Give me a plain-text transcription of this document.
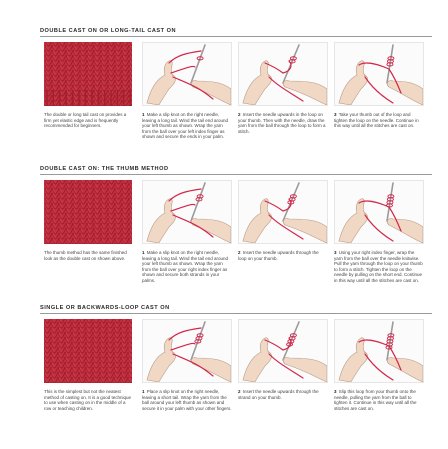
DOUBLE CAST ON OR LONG-TAIL CAST ON
The double or long tail cast on provides a firm yet elastic edge and is frequently recommended for beginners.
1 Make a slip knot on the right needle, leaving a long tail. Wind the tail end around your left thumb as shown. Wrap the yarn from the ball over your left index finger as shown and secure the ends in your palm.
2 Insert the needle upwards in the loop on your thumb. Then with the needle, draw the yarn from the ball through the loop to form a stitch.
3 Take your thumb out of the loop and tighten the loop on the needle. Continue in this way until all the stitches are cast on.
DOUBLE CAST ON: THE THUMB METHOD
The thumb method has the same finished look as the double cast on shown above.
1 Make a slip knot on the right needle, leaving a long tail. Wind the tail end around your left thumb as shown. Wrap the yarn from the ball over your right index finger as shown and secure both strands in your palms.
2 Insert the needle upwards through the loop on your thumb.
3 Using your right index finger, wrap the yarn from the ball over the needle knitwise. Pull the yarn through the loop on your thumb to form a stitch. Tighten the loop on the needle by pulling on the short end. Continue in this way until all the stitches are cast on.
SINGLE OR BACKWARDS-LOOP CAST ON
This is the simplest but not the neatest method of casting on. It is a good technique to use when casting on in the middle of a row or teaching children.
1 Place a slip knot on the right needle, leaving a short tail. Wrap the yarn from the ball around your left thumb as shown and secure it in your palm with your other fingers.
2 Insert the needle upwards through the strand on your thumb.
3 Slip this loop from your thumb onto the needle, pulling the yarn from the ball to tighten it. Continue in this way until all the stitches are cast on.
